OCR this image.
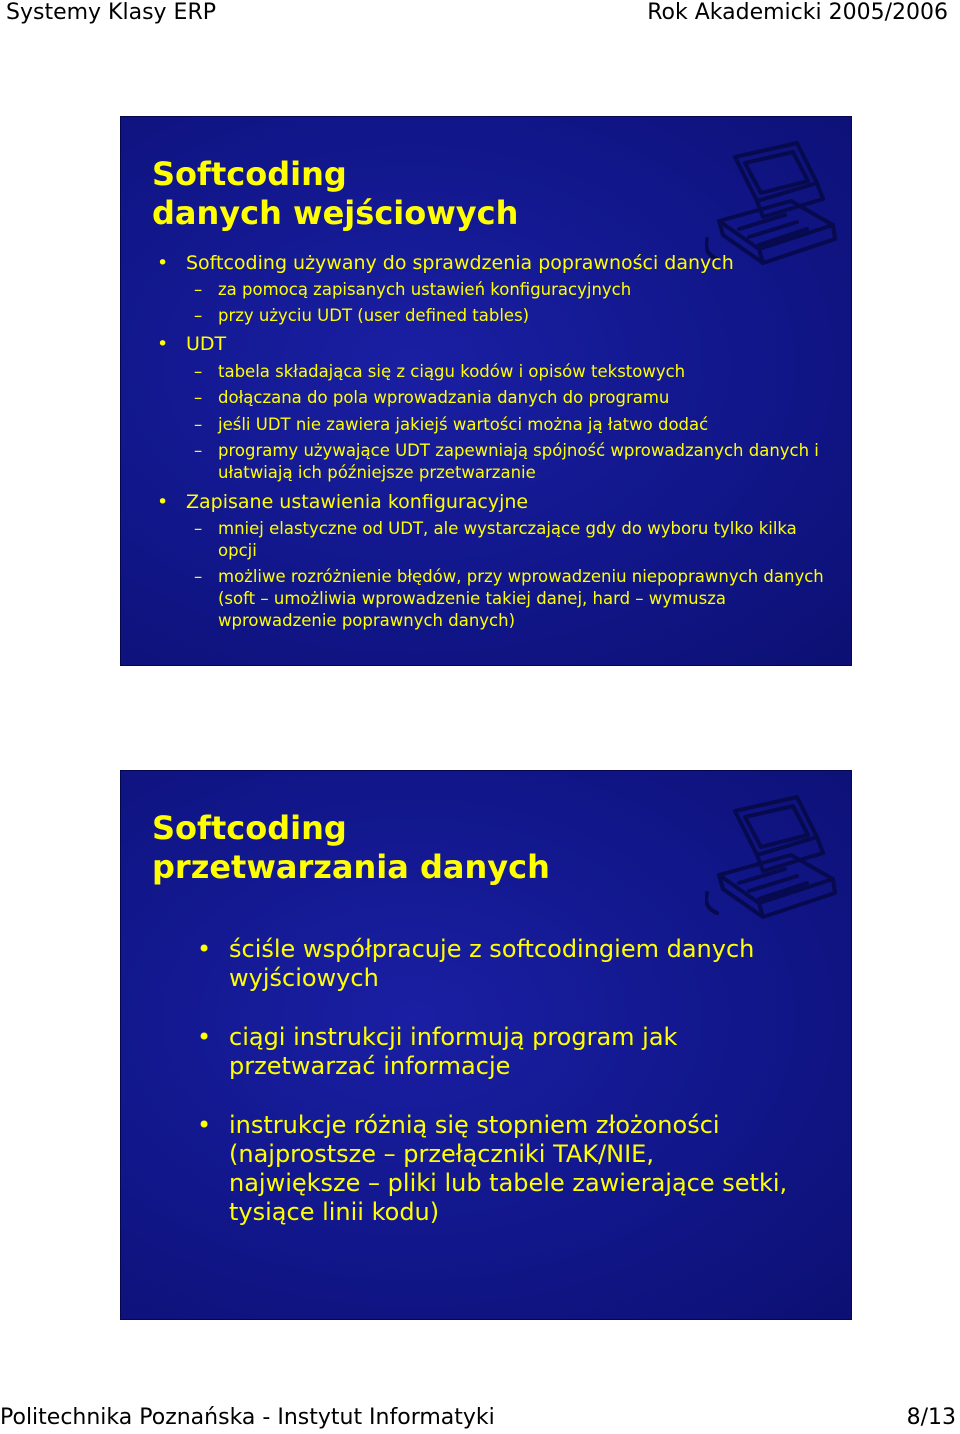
Systemy Klasy ERP	Rok Akademicki 2005/2006
Softcoding
danych wejściowych
• Softcoding używany do sprawdzenia poprawności danych
– za pomocą zapisanych ustawień konfiguracyjnych
– przy użyciu UDT (user defined tables)
• UDT
– tabela składająca się z ciągu kodów i opisów tekstowych
– dołączana do pola wprowadzania danych do programu
– jeśli UDT nie zawiera jakiejś wartości można ją łatwo dodać
– programy używające UDT zapewniają spójność wprowadzanych danych i ułatwiają ich późniejsze przetwarzanie
• Zapisane ustawienia konfiguracyjne
– mniej elastyczne od UDT, ale wystarczające gdy do wyboru tylko kilka opcji
– możliwe rozróżnienie błędów, przy wprowadzeniu niepoprawnych danych (soft – umożliwia wprowadzenie takiej danej, hard – wymusza wprowadzenie poprawnych danych)
Softcoding
przetwarzania danych
• ściśle współpracuje z softcodingiem danych wyjściowych
• ciągi instrukcji informują program jak przetwarzać informacje
• instrukcje różnią się stopniem złożoności (najprostsze – przełączniki TAK/NIE, największe – pliki lub tabele zawierające setki, tysiące linii kodu)
Politechnika Poznańska - Instytut Informatyki	8/13
